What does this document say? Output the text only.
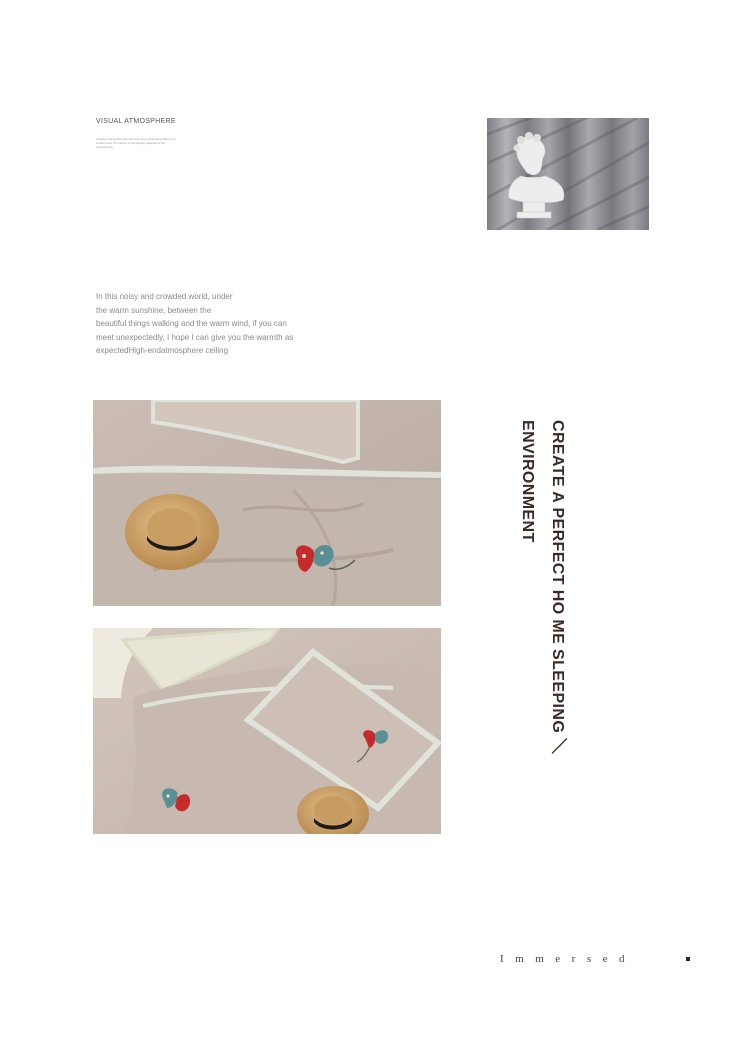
VISUAL ATMOSPHERE
Outdoor well textile with soft and calm visual atmosphere of a warm bed, an interior at full display, abstract of the structure line.
In this noisy and crowded world, under
the warm sunshine, between the
beautiful things walking and the warm wind, if you can
meet unexpectedly, I hope I can give you the warmth as
expectedHigh-endatmosphere ceiling
CREATE A PERFECT HO ME SLEEPING ／
ENVIRONMENT
Immersed
